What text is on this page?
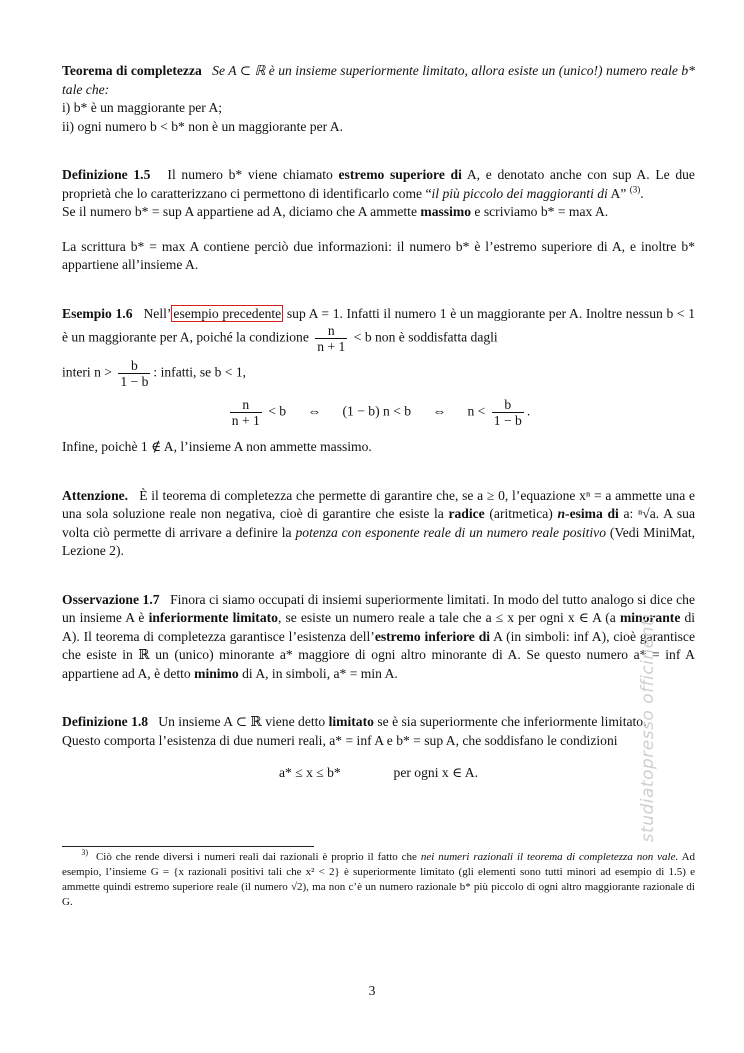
Teorema di completezza Se A ⊂ ℝ è un insieme superiormente limitato, allora esiste un (unico!) numero reale b* tale che:

i) b* è un maggiorante per A;

ii) ogni numero b < b* non è un maggiorante per A.

Definizione 1.5 Il numero b* viene chiamato estremo superiore di A, e denotato anche con sup A. Le due proprietà che lo caratterizzano ci permettono di identificarlo come “il più piccolo dei maggioranti di A” $^{(3)}$.

Se il numero b* = sup A appartiene ad A, diciamo che A ammette massimo e scriviamo b* = max A.

La scrittura b* = max A contiene perciò due informazioni: il numero b* è l’estremo superiore di A, e inoltre b* appartiene all’insieme A.

Esempio 1.6 Nell’ esempio precedente sup A = 1. Infatti il numero 1 è un maggiorante per A. Inoltre nessun b < 1 è un maggiorante per A, poiché la condizione $\frac{n}{n + 1} < b$ non è soddisfatta dagli

interi $n > \frac{b}{1 - b}$ : infatti, se b < 1,

$\frac{n}{n + 1} < b$ ⇔ (1 − b) n < b ⇔ $n < \frac{b}{1 - b}$ .

Infine, poichè 1 ∉ A, l’insieme A non ammette massimo.

Attenzione. È il teorema di completezza che permette di garantire che, se a ≥ 0, l’equazione xⁿ = a ammette una e una sola soluzione reale non negativa, cioè di garantire che esiste la radice (aritmetica) n-esima di a: ⁿ√a. A sua volta ciò permette di arrivare a definire la potenza con esponente reale di un numero reale positivo (Vedi MiniMat, Lezione 2).

Osservazione 1.7 Finora ci siamo occupati di insiemi superiormente limitati. In modo del tutto analogo si dice che un insieme A è inferiormente limitato, se esiste un numero reale a tale che a ≤ x per ogni x ∈ A (a minorante di A). Il teorema di completezza garantisce l’esistenza dell’estremo inferiore di A (in simboli: inf A), cioè garantisce che esiste in ℝ un (unico) minorante a* maggiore di ogni altro minorante di A. Se questo numero a* = inf A appartiene ad A, è detto minimo di A, in simboli, a* = min A.

Definizione 1.8 Un insieme A ⊂ ℝ viene detto limitato se è sia superiormente che inferiormente limitato.

Questo comporta l’esistenza di due numeri reali, a* = inf A e b* = sup A, che soddisfano le condizioni

a* ≤ x ≤ b*	per ogni x ∈ A.
3) Ciò che rende diversi i numeri reali dai razionali è proprio il fatto che nei numeri razionali il teorema di completezza non vale. Ad esempio, l’insieme G = {x razionali positivi tali che x² < 2} è superiormente limitato (gli elementi sono tutti minori ad esempio di 1.5) e ammette quindi estremo superiore reale (il numero √2), ma non c’è un numero razionale b* più piccolo di ogni altro maggiorante razionale di G.
studiatopresso officinenti
3
